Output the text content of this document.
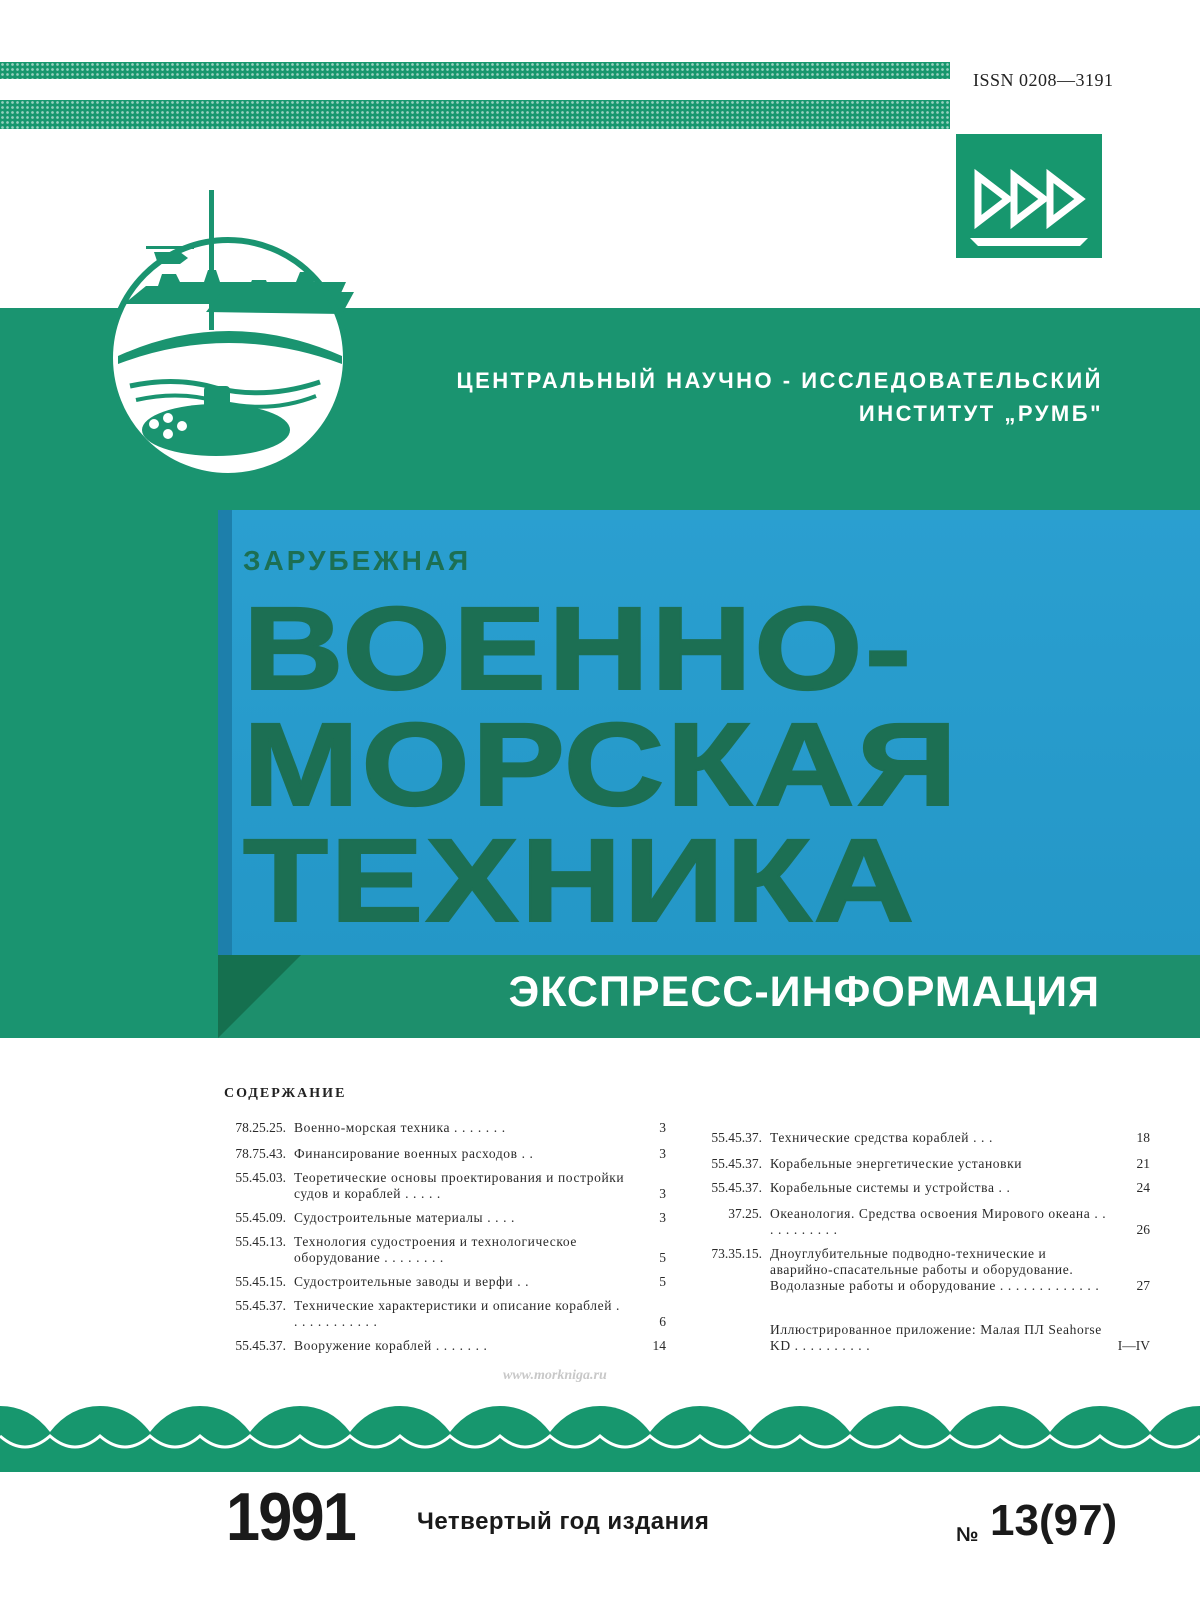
ISSN 0208—3191
ЦЕНТРАЛЬНЫЙ НАУЧНО - ИССЛЕДОВАТЕЛЬСКИЙ
ИНСТИТУТ „РУМБ"
ЗАРУБЕЖНАЯ
ВОЕННО-
МОРСКАЯ
ТЕХНИКА
ЭКСПРЕСС-ИНФОРМАЦИЯ
СОДЕРЖАНИЕ
78.25.25. Военно-морская техника . . . . . . .	3
78.75.43. Финансирование военных расходов . .	3
55.45.03. Теоретические основы проектирования и постройки судов и кораблей . . . . .	3
55.45.09. Судостроительные материалы . . . .	3
55.45.13. Технология судостроения и технологическое оборудование . . . . . . . .	5
55.45.15. Судостроительные заводы и верфи . .	5
55.45.37. Технические характеристики и описание кораблей . . . . . . . . . . . .	6
55.45.37. Вооружение кораблей . . . . . . .	14
55.45.37. Технические средства кораблей . . .	18
55.45.37. Корабельные энергетические установки	21
55.45.37. Корабельные системы и устройства . .	24
37.25. Океанология. Средства освоения Мирового океана . . . . . . . . . . .	26
73.35.15. Дноуглубительные подводно-технические и аварийно-спасательные работы и оборудование. Водолазные работы и оборудование . . . . . . . . . . . . .	27
Иллюстрированное приложение: Малая ПЛ Seahorse KD . . . . . . . . . .	I—IV
www.morkniga.ru
1991	Четвертый год издания	№ 13(97)
